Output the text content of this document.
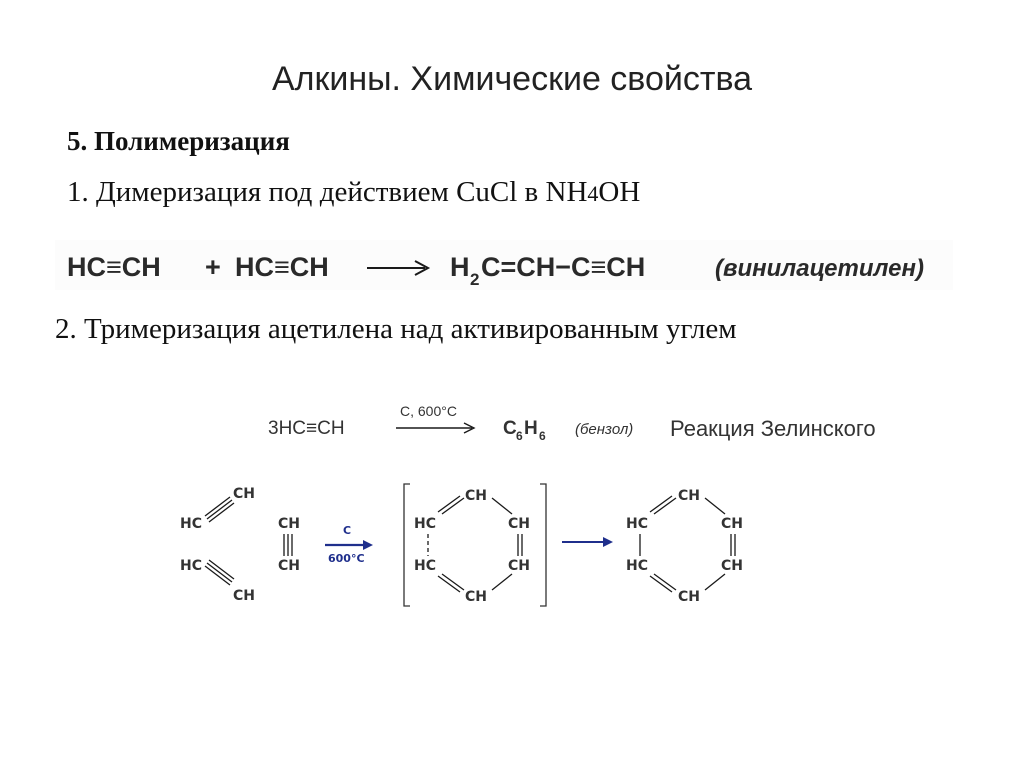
Алкины. Химические свойства
5. Полимеризация
1. Димеризация под действием CuCl в NH4OH
HC≡CH + HC≡CH	H 2 C=CH−C≡CH	(винилацетилен)
2. Тримеризация ацетилена над активированным углем
3HC≡CH
C, 600°C
C 6 H 6 (бензол) Реакция Зелинского
CH
HC
HC
CH
CH
CH
C
600°C
CH
HC	CH
HC	CH
CH
CH
HC	CH
HC	CH
CH
